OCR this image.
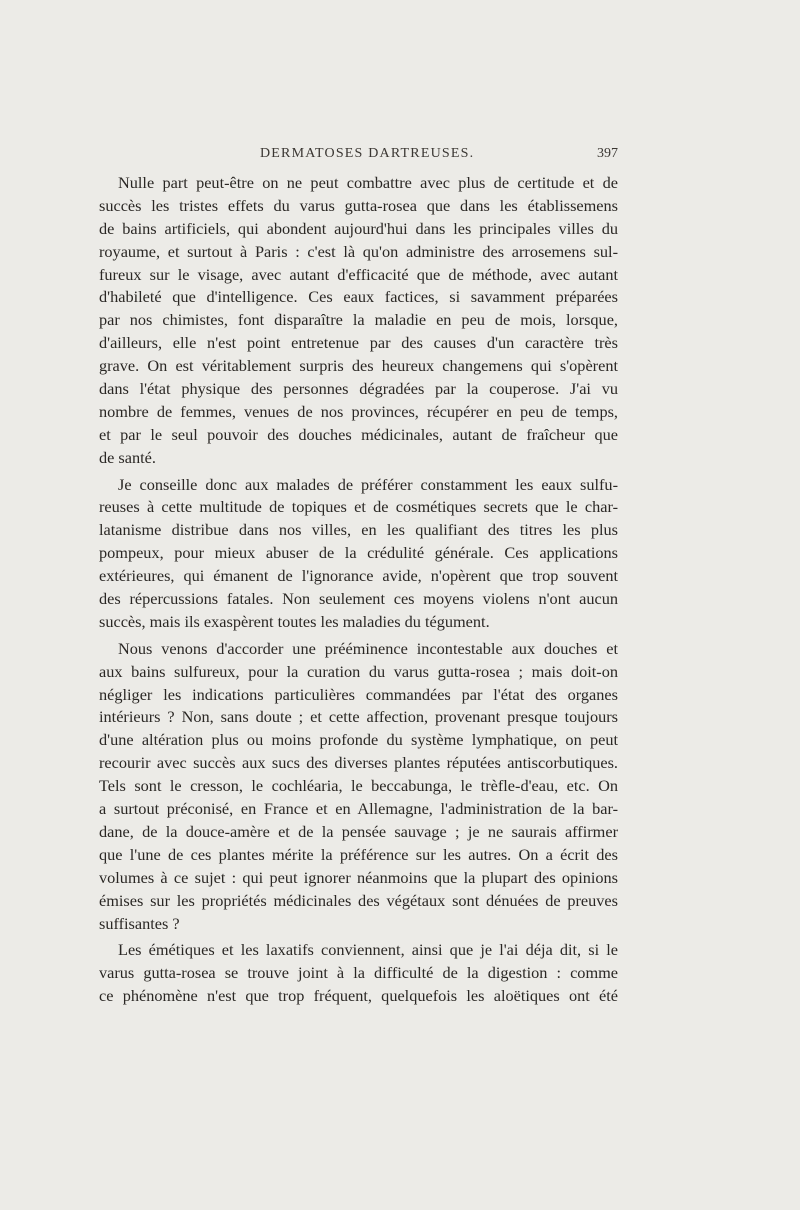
DERMATOSES DARTREUSES.	397
Nulle part peut-être on ne peut combattre avec plus de certitude et de
succès les tristes effets du varus gutta-rosea que dans les établissemens
de bains artificiels, qui abondent aujourd'hui dans les principales villes du
royaume, et surtout à Paris : c'est là qu'on administre des arrosemens sul-
fureux sur le visage, avec autant d'efficacité que de méthode, avec autant
d'habileté que d'intelligence. Ces eaux factices, si savamment préparées
par nos chimistes, font disparaître la maladie en peu de mois, lorsque,
d'ailleurs, elle n'est point entretenue par des causes d'un caractère très
grave. On est véritablement surpris des heureux changemens qui s'opèrent
dans l'état physique des personnes dégradées par la couperose. J'ai vu
nombre de femmes, venues de nos provinces, récupérer en peu de temps,
et par le seul pouvoir des douches médicinales, autant de fraîcheur que
de santé.
Je conseille donc aux malades de préférer constamment les eaux sulfu-
reuses à cette multitude de topiques et de cosmétiques secrets que le char-
latanisme distribue dans nos villes, en les qualifiant des titres les plus
pompeux, pour mieux abuser de la crédulité générale. Ces applications
extérieures, qui émanent de l'ignorance avide, n'opèrent que trop souvent
des répercussions fatales. Non seulement ces moyens violens n'ont aucun
succès, mais ils exaspèrent toutes les maladies du tégument.
Nous venons d'accorder une prééminence incontestable aux douches et
aux bains sulfureux, pour la curation du varus gutta-rosea ; mais doit-on
négliger les indications particulières commandées par l'état des organes
intérieurs ? Non, sans doute ; et cette affection, provenant presque toujours
d'une altération plus ou moins profonde du système lymphatique, on peut
recourir avec succès aux sucs des diverses plantes réputées antiscorbutiques.
Tels sont le cresson, le cochléaria, le beccabunga, le trèfle-d'eau, etc. On
a surtout préconisé, en France et en Allemagne, l'administration de la bar-
dane, de la douce-amère et de la pensée sauvage ; je ne saurais affirmer
que l'une de ces plantes mérite la préférence sur les autres. On a écrit des
volumes à ce sujet : qui peut ignorer néanmoins que la plupart des opinions
émises sur les propriétés médicinales des végétaux sont dénuées de preuves
suffisantes ?
Les émétiques et les laxatifs conviennent, ainsi que je l'ai déja dit, si le
varus gutta-rosea se trouve joint à la difficulté de la digestion : comme
ce phénomène n'est que trop fréquent, quelquefois les aloëtiques ont été
